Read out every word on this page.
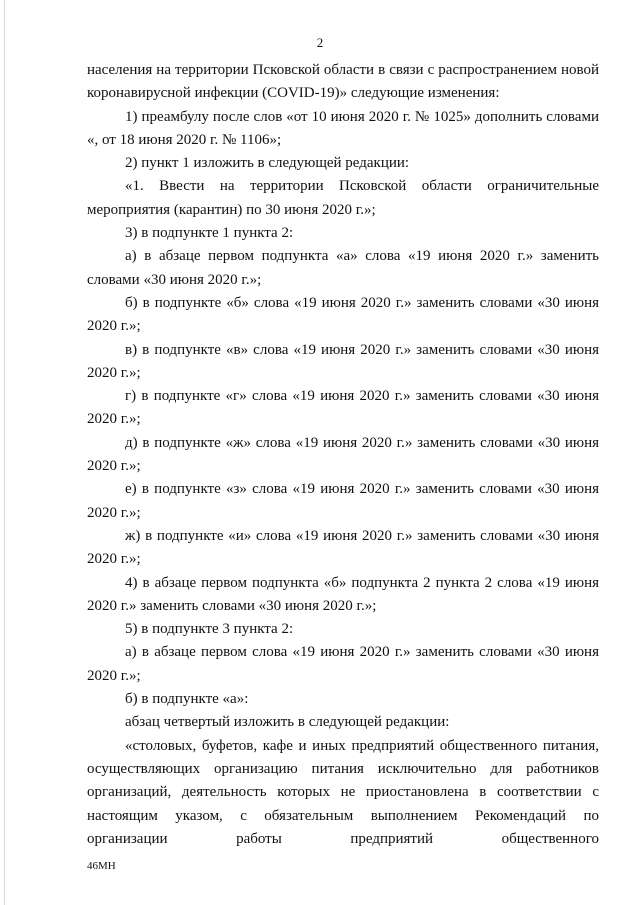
2

населения на территории Псковской области в связи с распространением новой коронавирусной инфекции (COVID-19)» следующие изменения:

1) преамбулу после слов «от 10 июня 2020 г. № 1025» дополнить словами «, от 18 июня 2020 г. № 1106»;

2) пункт 1 изложить в следующей редакции:

«1. Ввести на территории Псковской области ограничительные мероприятия (карантин) по 30 июня 2020 г.»;

3) в подпункте 1 пункта 2:

а) в абзаце первом подпункта «а» слова «19 июня 2020 г.» заменить словами «30 июня 2020 г.»;

б) в подпункте «б» слова «19 июня 2020 г.» заменить словами «30 июня 2020 г.»;

в) в подпункте «в» слова «19 июня 2020 г.» заменить словами «30 июня 2020 г.»;

г) в подпункте «г» слова «19 июня 2020 г.» заменить словами «30 июня 2020 г.»;

д) в подпункте «ж» слова «19 июня 2020 г.» заменить словами «30 июня 2020 г.»;

е) в подпункте «з» слова «19 июня 2020 г.» заменить словами «30 июня 2020 г.»;

ж) в подпункте «и» слова «19 июня 2020 г.» заменить словами «30 июня 2020 г.»;

4) в абзаце первом подпункта «б» подпункта 2 пункта 2 слова «19 июня 2020 г.» заменить словами «30 июня 2020 г.»;

5) в подпункте 3 пункта 2:

а) в абзаце первом слова «19 июня 2020 г.» заменить словами «30 июня 2020 г.»;

б) в подпункте «а»:

абзац четвертый изложить в следующей редакции:

«столовых, буфетов, кафе и иных предприятий общественного питания, осуществляющих организацию питания исключительно для работников организаций, деятельность которых не приостановлена в соответствии с настоящим указом, с обязательным выполнением Рекомендаций по организации работы предприятий общественного

46МН
